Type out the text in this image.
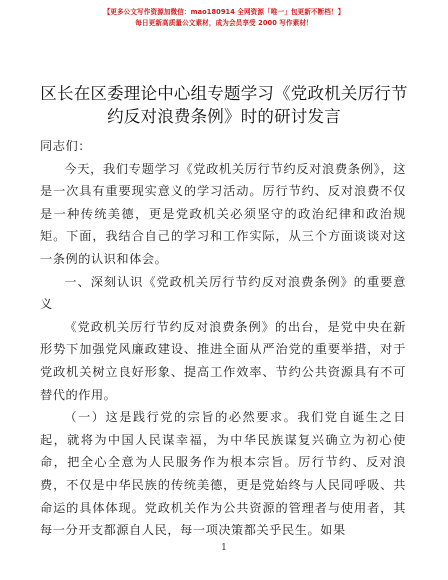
【更多公文写作资源加微信：mao180914 全网资源「唯一」包更新不断档！】
每日更新高质量公文素材，成为会员享受 2000 写作素材！
区长在区委理论中心组专题学习《党政机关厉行节约反对浪费条例》时的研讨发言

同志们：

今天，我们专题学习《党政机关厉行节约反对浪费条例》，这是一次具有重要现实意义的学习活动。厉行节约、反对浪费不仅是一种传统美德，更是党政机关必须坚守的政治纪律和政治规矩。下面，我结合自己的学习和工作实际，从三个方面谈谈对这一条例的认识和体会。

一、深刻认识《党政机关厉行节约反对浪费条例》的重要意义

《党政机关厉行节约反对浪费条例》的出台，是党中央在新形势下加强党风廉政建设、推进全面从严治党的重要举措，对于党政机关树立良好形象、提高工作效率、节约公共资源具有不可替代的作用。

（一）这是践行党的宗旨的必然要求。我们党自诞生之日起，就将为中国人民谋幸福，为中华民族谋复兴确立为初心使命，把全心全意为人民服务作为根本宗旨。厉行节约、反对浪费，不仅是中华民族的传统美德，更是党始终与人民同呼吸、共命运的具体体现。党政机关作为公共资源的管理者与使用者，其每一分开支都源自人民，每一项决策都关乎民生。如果

1
